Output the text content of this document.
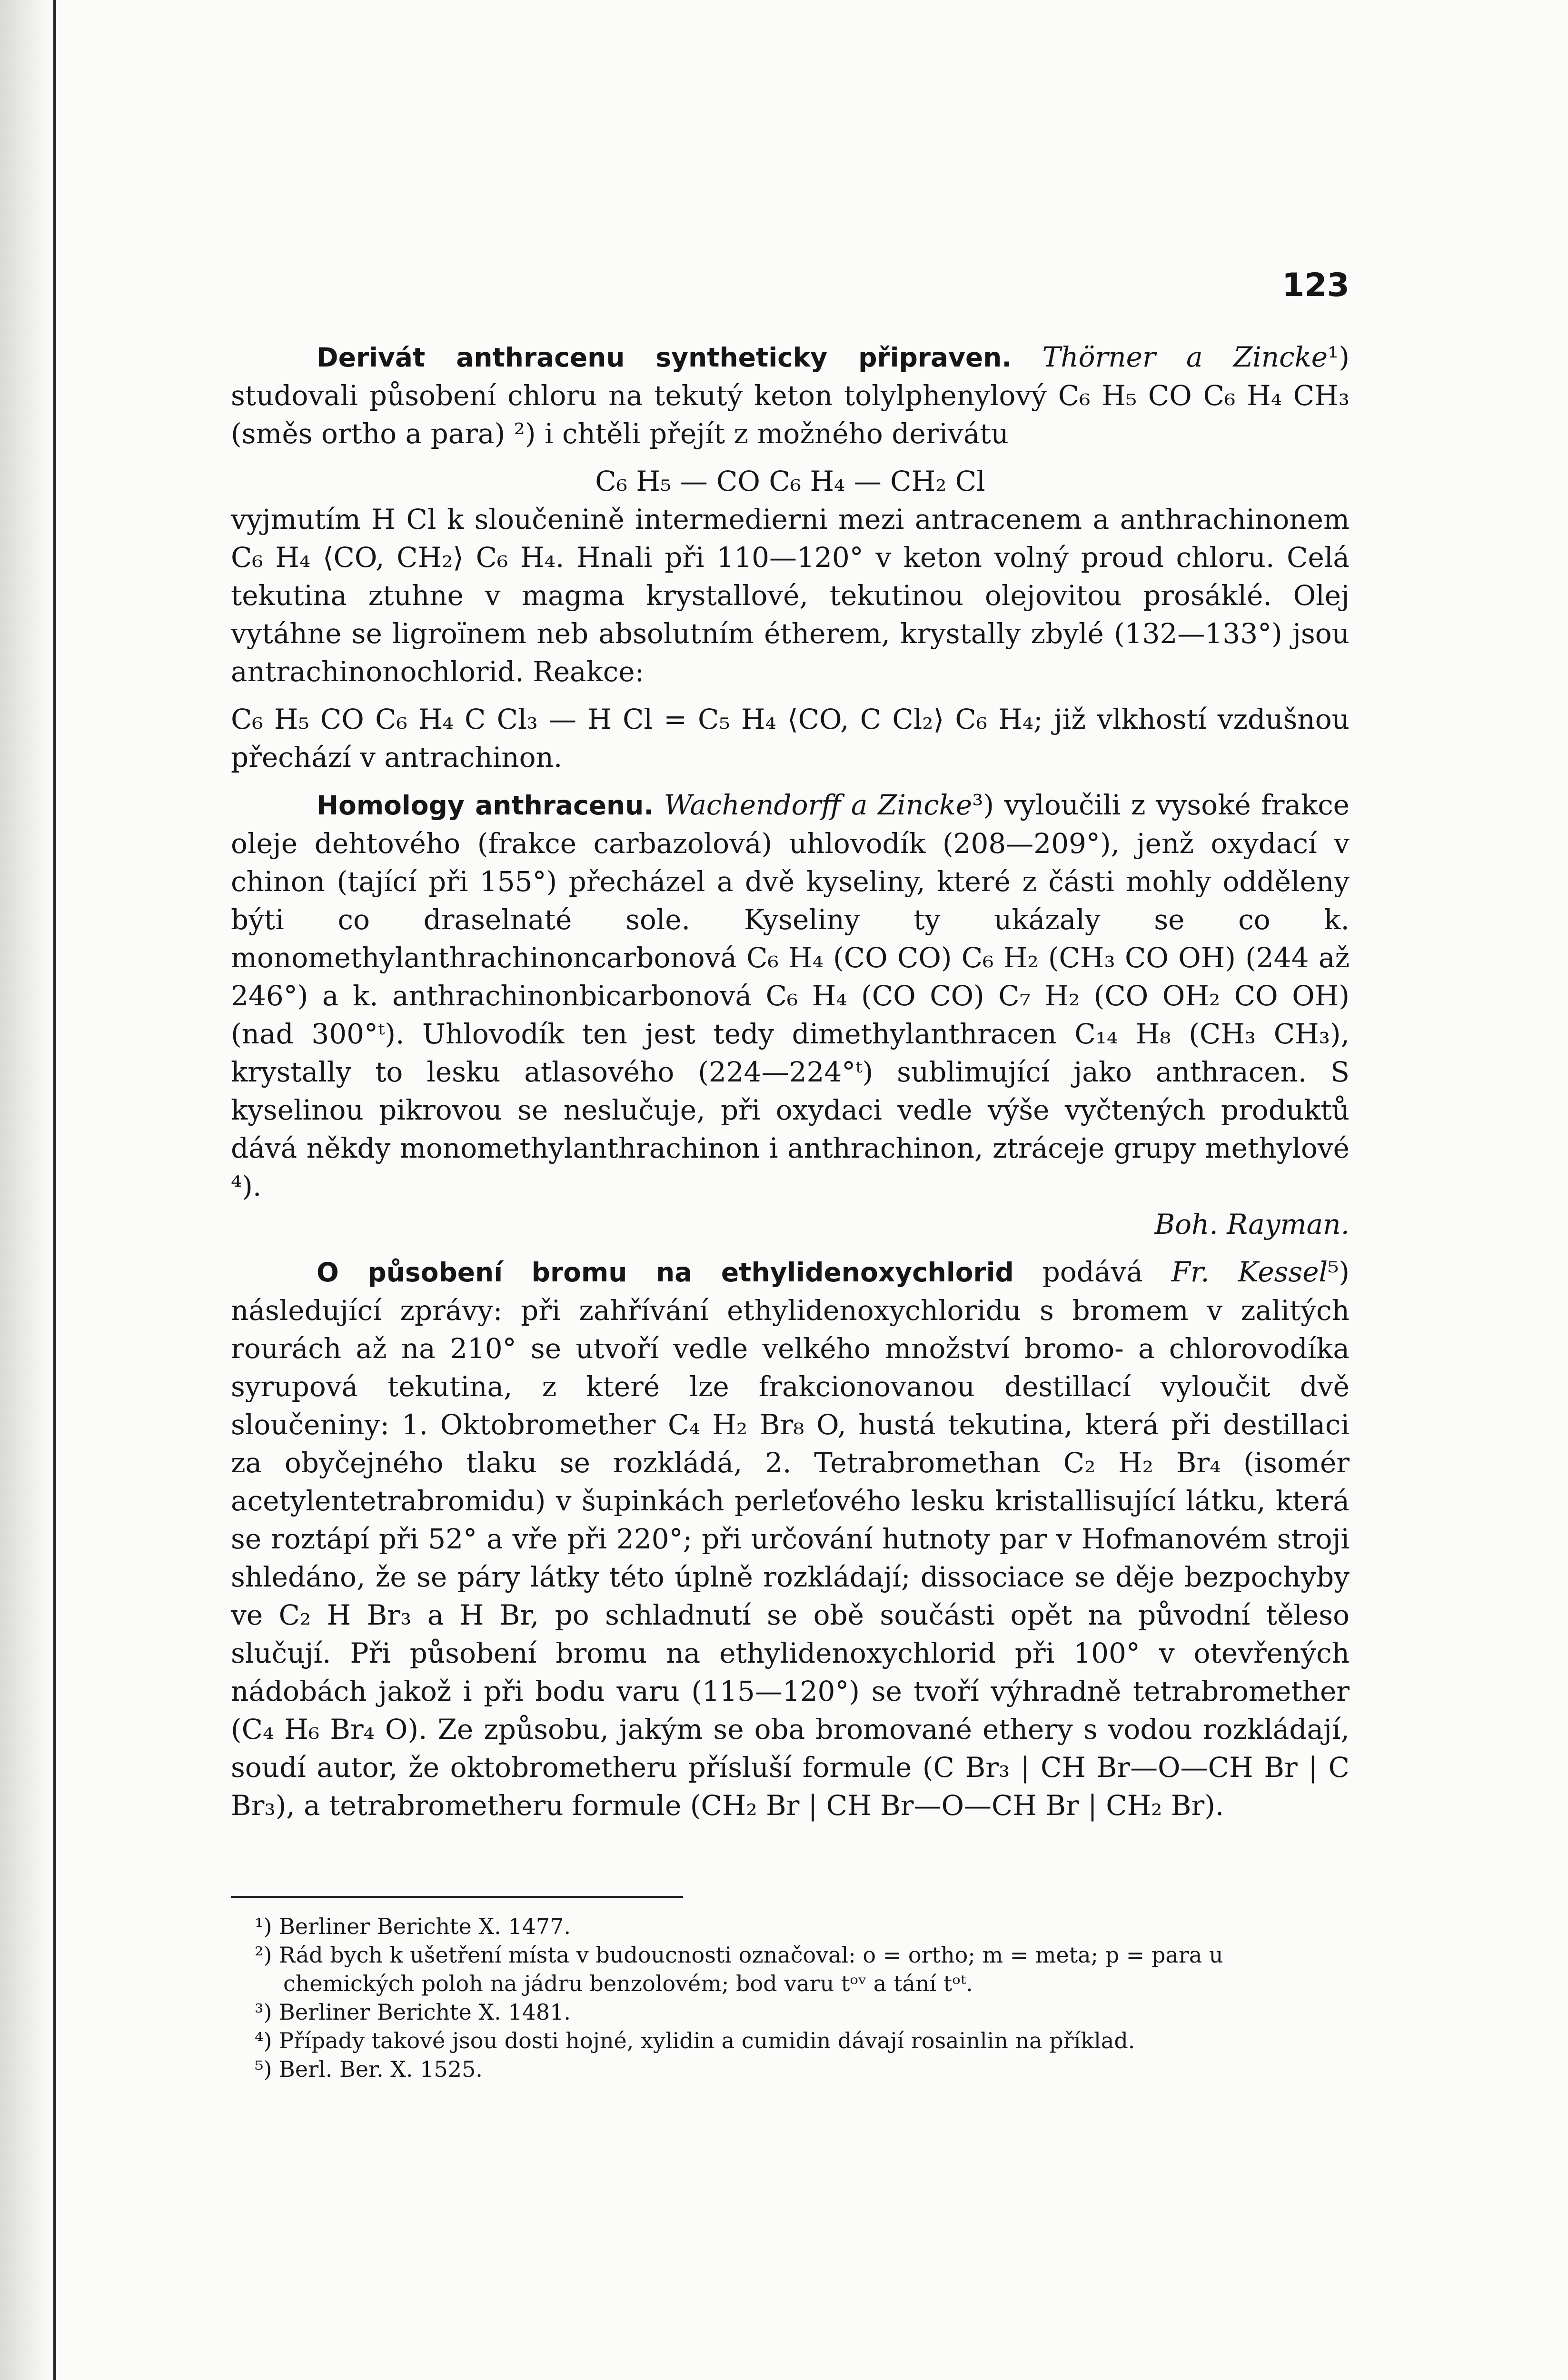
123

Derivát anthracenu syntheticky připraven. Thörner a Zincke¹) studovali působení chloru na tekutý keton tolylphenylový C₆ H₅ CO C₆ H₄ CH₃ (směs ortho a para) ²) i chtěli přejít z možného derivátu

C₆ H₅ — CO C₆ H₄ — CH₂ Cl

vyjmutím H Cl k sloučenině intermediernі mezi antracenem a anthrachinonem C₆ H₄ ⟨CO, CH₂⟩ C₆ H₄. Hnali při 110—120° v keton volný proud chloru. Celá tekutina ztuhne v magma krystallové, tekutinou olejovitou prosáklé. Olej vytáhne se ligroïnem neb absolutním étherem, krystally zbylé (132—133°) jsou antrachinonochlorid. Reakce:

C₆ H₅ CO C₆ H₄ C Cl₃ — H Cl = C₅ H₄ ⟨CO, C Cl₂⟩ C₆ H₄; již vlkhostí vzdušnou přechází v antrachinon.

Homology anthracenu. Wachendorff a Zincke³) vyloučili z vysoké frakce oleje dehtového (frakce carbazolová) uhlovodík (208—209°), jenž oxydací v chinon (tající při 155°) přecházel a dvě kyseliny, které z části mohly odděleny býti co draselnaté sole. Kyseliny ty ukázaly se co k. monomethylanthrachinoncarbonová C₆ H₄ (CO CO) C₆ H₂ (CH₃ CO OH) (244 až 246°) a k. anthrachinonbicarbonová C₆ H₄ (CO CO) C₇ H₂ (CO OH₂ CO OH) (nad 300°ᵗ). Uhlovodík ten jest tedy dimethylanthracen C₁₄ H₈ (CH₃ CH₃), krystally to lesku atlasového (224—224°ᵗ) sublimující jako anthracen. S kyselinou pikrovou se neslučuje, při oxydaci vedle výše vyčtených produktů dává někdy monomethylanthrachinon i anthrachinon, ztráceje grupy methylové ⁴).

Boh. Rayman.

O působení bromu na ethylidenoxychlorid podává Fr. Kessel⁵) následující zprávy: při zahřívání ethylidenoxychloridu s bromem v zalitých rourách až na 210° se utvoří vedle velkého množství bromo- a chlorovodíka syrupová tekutina, z které lze frakcionovanou destillací vyloučit dvě sloučeniny: 1. Oktobromether C₄ H₂ Br₈ O, hustá tekutina, která při destillaci za obyčejného tlaku se rozkládá, 2. Tetrabromethan C₂ H₂ Br₄ (isomér acetylentetrabromidu) v šupinkách perleťového lesku kristallisující látku, která se roztápí při 52° a vře při 220°; při určování hutnoty par v Hofmanovém stroji shledáno, že se páry látky této úplně rozkládají; dissociace se děje bezpochyby ve C₂ H Br₃ a H Br, po schladnutí se obě součásti opět na původní těleso slučují. Při působení bromu na ethylidenoxychlorid při 100° v otevřených nádobách jakož i při bodu varu (115—120°) se tvoří výhradně tetrabromether (C₄ H₆ Br₄ O). Ze způsobu, jakým se oba bromované ethery s vodou rozkládají, soudí autor, že oktobrometheru přísluší formule (C Br₃ | CH Br—O—CH Br | C Br₃), a tetrabrometheru formule (CH₂ Br | CH Br—O—CH Br | CH₂ Br).

¹) Berliner Berichte X. 1477.

²) Rád bych k ušetření místa v budoucnosti označoval: o = ortho; m = meta; p = para u chemických poloh na jádru benzolovém; bod varu tᵒᵛ a tání tᵒᵗ.

³) Berliner Berichte X. 1481.

⁴) Případy takové jsou dosti hojné, xylidin a cumidin dávají rosainlin na příklad.

⁵) Berl. Ber. X. 1525.
